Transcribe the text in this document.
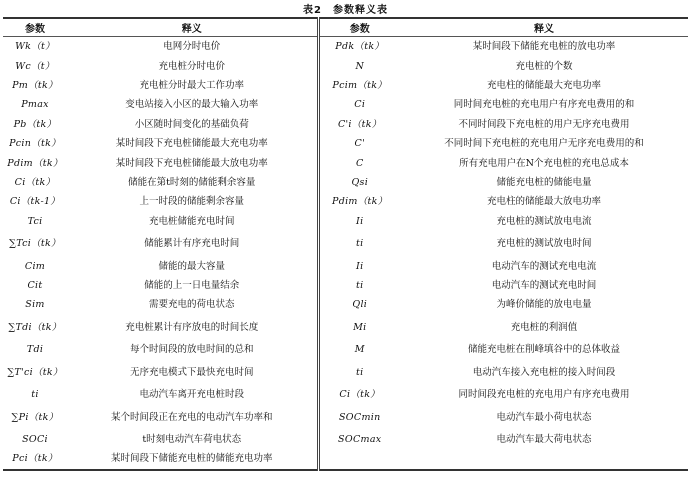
表2　参数释义表
参数	释义	参数	释义
Wk（t）	电网分时电价	Pdk（tk）	某时间段下储能充电桩的放电功率
Wc（t）	充电桩分时电价	N	充电桩的个数
Pm（tk）	充电桩分时最大工作功率	Pcim（tk）	充电柱的储能最大充电功率
Pmax	变电站接入小区的最大输入功率	Ci	同时间充电桩的充电用户有序充电费用的和
Pb（tk）	小区随时间变化的基础负荷	C'i（tk）	不同时间段下充电桩的用户无序充电费用
Pcin（tk）	某时间段下充电桩储能最大充电功率	C'	不同时间下充电桩的充电用户无序充电费用的和
Pdim（tk）	某时间段下充电桩储能最大放电功率	C	所有充电用户在N个充电桩的充电总成本
Ci（tk）	储能在第t时刻的储能剩余容量	Qsi	储能充电桩的储能电量
Ci（tk-1）	上一时段的储能剩余容量	Pdim（tk）	充电柱的储能最大放电功率
Tci	充电桩储能充电时间	Ii	充电桩的测试放电电流
∑Tci（tk）	储能累计有序充电时间	ti	充电桩的测试放电时间
Cim	储能的最大容量	Ii	电动汽车的测试充电电流
Cit	储能的上一日电量结余	ti	电动汽车的测试充电时间
Sim	需要充电的荷电状态	Qli	为峰价储能的放电电量
∑Tdi（tk）	充电桩累计有序放电的时间长度	Mi	充电桩的利润值
Tdi	每个时间段的放电时间的总和	M	储能充电桩在削峰填谷中的总体收益
∑T'ci（tk）	无序充电模式下最快充电时间	ti	电动汽车接入充电桩的接入时间段
ti	电动汽车离开充电桩时段	Ci（tk）	同时间段充电桩的充电用户有序充电费用
∑Pi（tk）	某个时间段正在充电的电动汽车功率和	SOCmin	电动汽车最小荷电状态
SOCi	t时刻电动汽车荷电状态	SOCmax	电动汽车最大荷电状态
Pci（tk）	某时间段下储能充电桩的储能充电功率		
